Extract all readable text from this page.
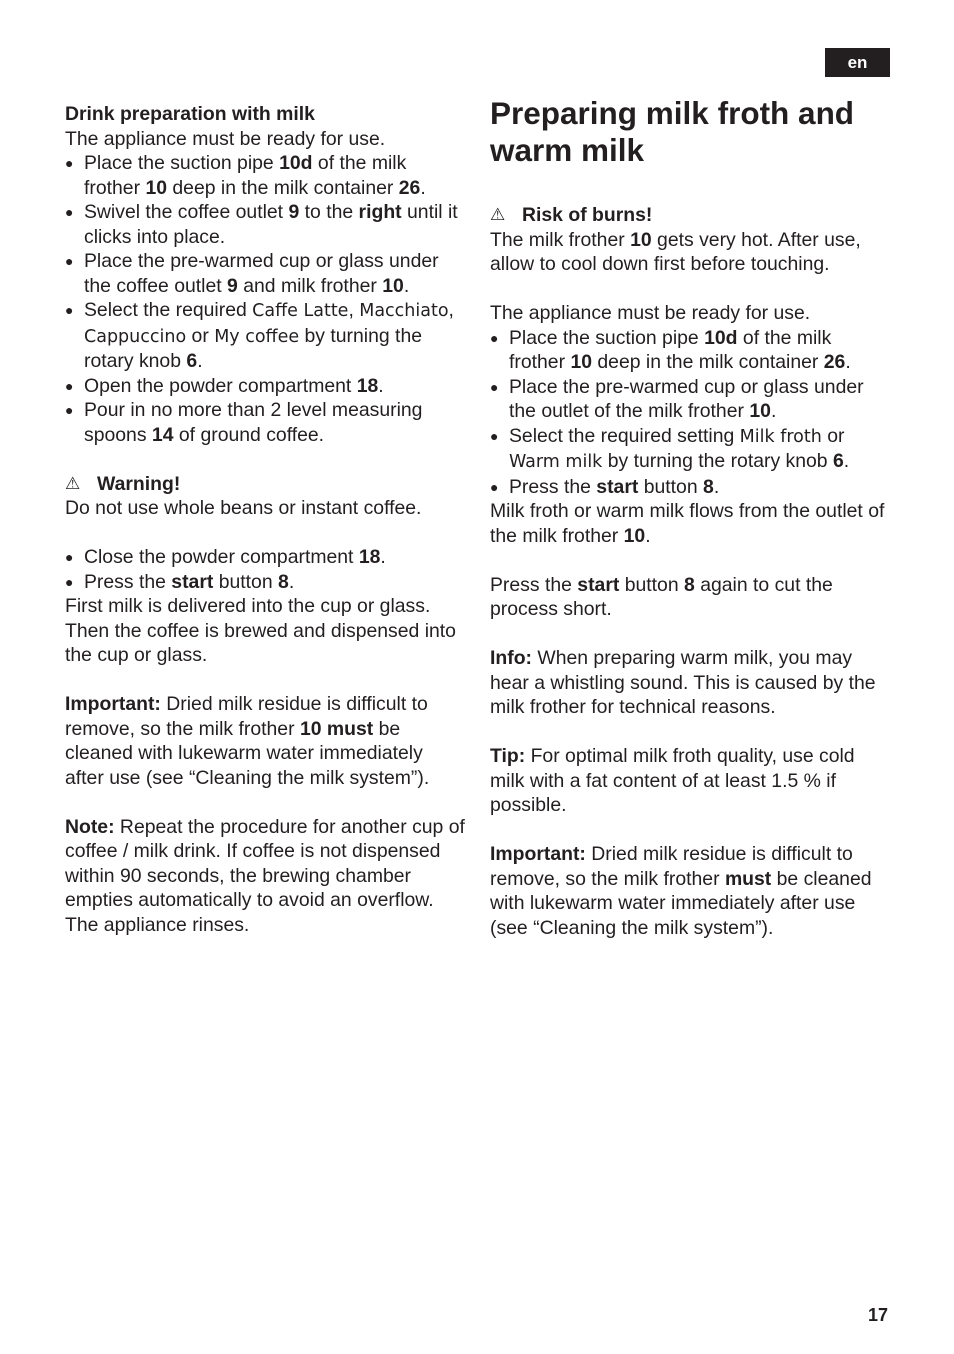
en

Drink preparation with milk

The appliance must be ready for use.

● Place the suction pipe 10d of the milk frother 10 deep in the milk container 26.
● Swivel the coffee outlet 9 to the right until it clicks into place.
● Place the pre-warmed cup or glass under the coffee outlet 9 and milk frother 10.
● Select the required Caffe Latte, Macchiato, Cappuccino or My coffee by turning the rotary knob 6.
● Open the powder compartment 18.
● Pour in no more than 2 level measuring spoons 14 of ground coffee.
⚠ Warning!

Do not use whole beans or instant coffee.

● Close the powder compartment 18.
● Press the start button 8.

First milk is delivered into the cup or glass. Then the coffee is brewed and dispensed into the cup or glass.

Important: Dried milk residue is difficult to remove, so the milk frother 10 must be cleaned with lukewarm water immediately after use (see “Cleaning the milk system”).

Note: Repeat the procedure for another cup of coffee / milk drink. If coffee is not dispensed within 90 seconds, the brewing chamber empties automatically to avoid an overflow. The appliance rinses.

Preparing milk froth and warm milk

⚠ Risk of burns!

The milk frother 10 gets very hot. After use, allow to cool down first before touching.

The appliance must be ready for use.

● Place the suction pipe 10d of the milk frother 10 deep in the milk container 26.
● Place the pre-warmed cup or glass under the outlet of the milk frother 10.
● Select the required setting Milk froth or Warm milk by turning the rotary knob 6.
● Press the start button 8.

Milk froth or warm milk flows from the outlet of the milk frother 10.

Press the start button 8 again to cut the process short.

Info: When preparing warm milk, you may hear a whistling sound. This is caused by the milk frother for technical reasons.

Tip: For optimal milk froth quality, use cold milk with a fat content of at least 1.5 % if possible.

Important: Dried milk residue is difficult to remove, so the milk frother must be cleaned with lukewarm water immediately after use (see “Cleaning the milk system”).

17
